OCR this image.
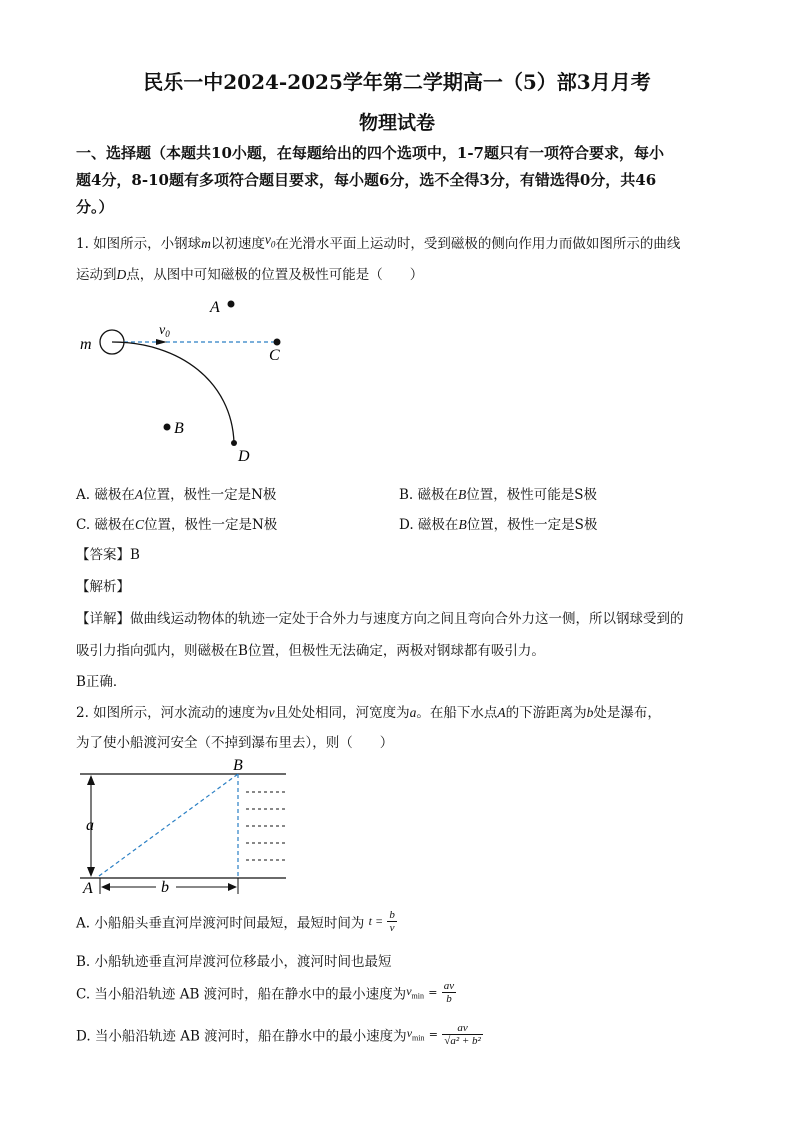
民乐一中2024-2025学年第二学期高一（5）部3月月考
物理试卷
一、选择题（本题共10小题，在每题给出的四个选项中，1-7题只有一项符合要求，每小
题4分，8-10题有多项符合题目要求，每小题6分，选不全得3分，有错选得0分，共46
分。）
1. 如图所示，小钢球m以初速度$v_0$在光滑水平面上运动时，受到磁极的侧向作用力而做如图所示的曲线
运动到D点，从图中可知磁极的位置及极性可能是（　　）
m
$v_0$
A
C
B
D
A. 磁极在A位置，极性一定是N极	B. 磁极在B位置，极性可能是S极
C. 磁极在C位置，极性一定是N极	D. 磁极在B位置，极性一定是S极
【答案】B
【解析】
【详解】做曲线运动物体的轨迹一定处于合外力与速度方向之间且弯向合外力这一侧，所以钢球受到的
吸引力指向弧内，则磁极在B位置，但极性无法确定，两极对钢球都有吸引力。
B正确．
2. 如图所示，河水流动的速度为v且处处相同，河宽度为a。在船下水点A的下游距离为b处是瀑布，
为了使小船渡河安全（不掉到瀑布里去），则（　　）
B
a
A	b
A. 小船船头垂直河岸渡河时间最短，最短时间为 $t = \frac{b}{v}$
B. 小船轨迹垂直河岸渡河位移最小，渡河时间也最短
C. 当小船沿轨迹 AB 渡河时，船在静水中的最小速度为$v_{min} = \frac{av}{b}$
D. 当小船沿轨迹 AB 渡河时，船在静水中的最小速度为$v_{min} = \frac{av}{\text{√a² + b²}}$
